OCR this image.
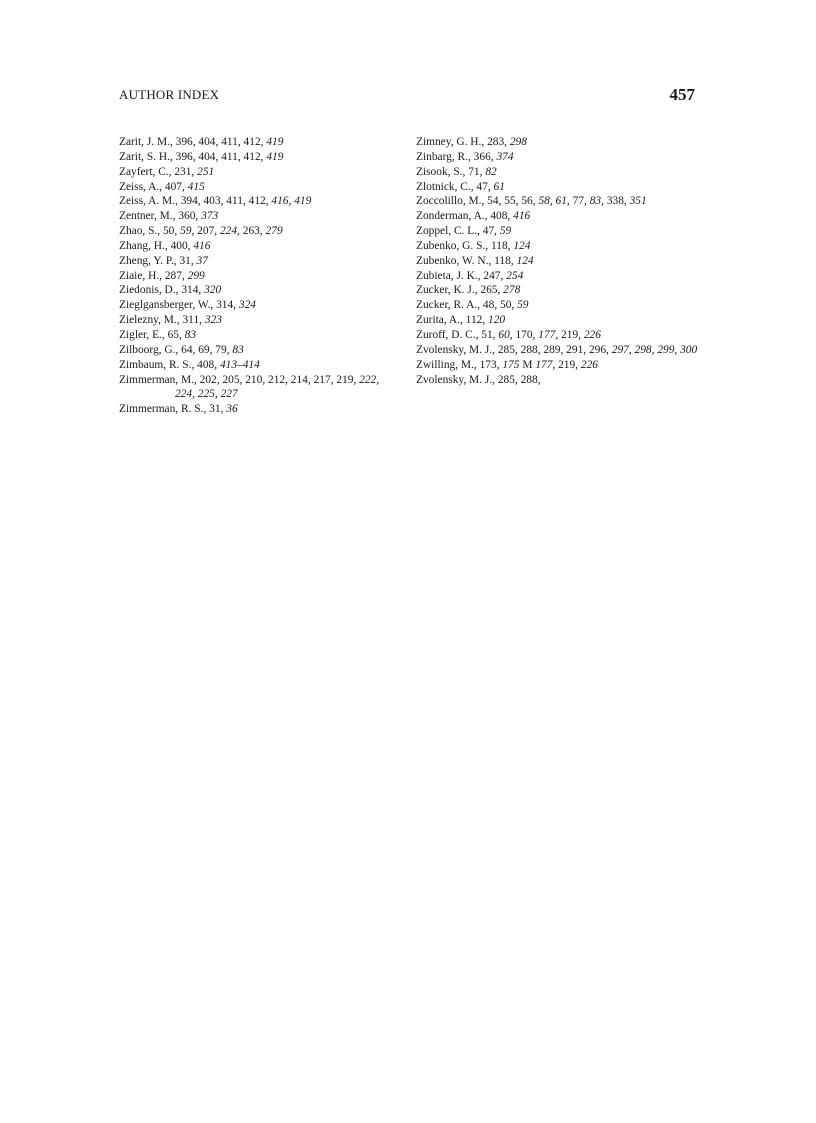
AUTHOR INDEX	457
Zarit, J. M., 396, 404, 411, 412, 419
Zarit, S. H., 396, 404, 411, 412, 419
Zayfert, C., 231, 251
Zeiss, A., 407, 415
Zeiss, A. M., 394, 403, 411, 412, 416, 419
Zentner, M., 360, 373
Zhao, S., 50, 59, 207, 224, 263, 279
Zhang, H., 400, 416
Zheng, Y. P., 31, 37
Ziaie, H., 287, 299
Ziedonis, D., 314, 320
Zieglgansberger, W., 314, 324
Zielezny, M., 311, 323
Zigler, E., 65, 83
Zilboorg, G., 64, 69, 79, 83
Zimbaum, R. S., 408, 413–414
Zimmerman, M., 202, 205, 210, 212, 214, 217, 219, 222, 224, 225, 227
Zimmerman, R. S., 31, 36
Zimney, G. H., 283, 298
Zinbarg, R., 366, 374
Zisook, S., 71, 82
Zlotnick, C., 47, 61
Zoccolillo, M., 54, 55, 56, 58, 61, 77, 83, 338, 351
Zonderman, A., 408, 416
Zoppel, C. L., 47, 59
Zubenko, G. S., 118, 124
Zubenko, W. N., 118, 124
Zubieta, J. K., 247, 254
Zucker, K. J., 265, 278
Zucker, R. A., 48, 50, 59
Zurita, A., 112, 120
Zuroff, D. C., 51, 60, 170, 177, 219, 226
Zvolensky, M. J., 285, 288, 289, 291, 296, 297, 298, 299, 300
Zwilling, M., 173, 175 M 177, 219, 226
Zvolensky, M. J., 285, 288,
